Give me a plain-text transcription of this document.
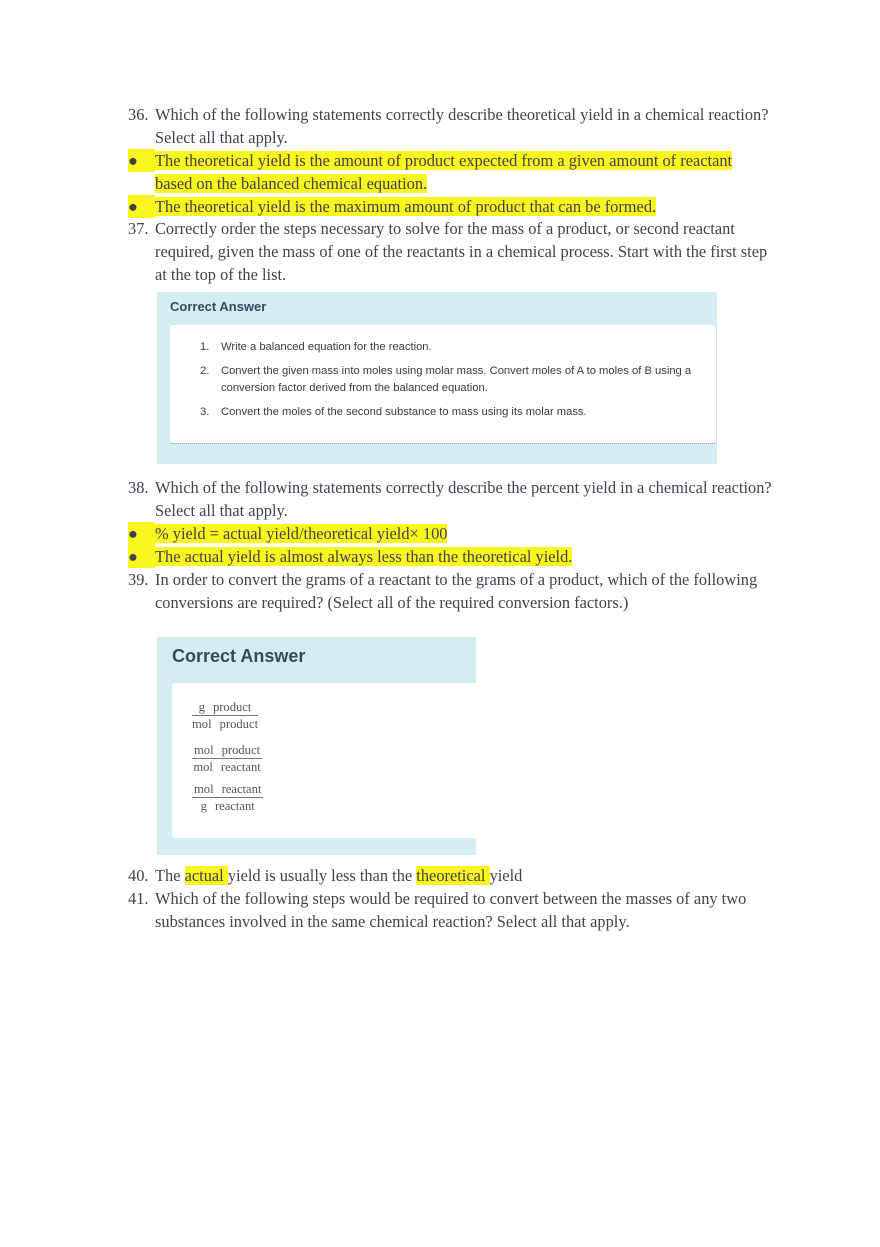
36. Which of the following statements correctly describe theoretical yield in a chemical reaction? Select all that apply.
●	The theoretical yield is the amount of product expected from a given amount of reactant
based on the balanced chemical equation.
●	The theoretical yield is the maximum amount of product that can be formed.
37. Correctly order the steps necessary to solve for the mass of a product, or second reactant required, given the mass of one of the reactants in a chemical process. Start with the first step at the top of the list.
Correct Answer
1. Write a balanced equation for the reaction.
2. Convert the given mass into moles using molar mass. Convert moles of A to moles of B using a conversion factor derived from the balanced equation.
3. Convert the moles of the second substance to mass using its molar mass.
38. Which of the following statements correctly describe the percent yield in a chemical reaction? Select all that apply.
●	% yield = actual yield/theoretical yield× 100
●	The actual yield is almost always less than the theoretical yield.
39. In order to convert the grams of a reactant to the grams of a product, which of the following conversions are required? (Select all of the required conversion factors.)
Correct Answer
g product
mol product
mol product
mol reactant
mol reactant
g reactant
40. The actual yield is usually less than the theoretical yield
41. Which of the following steps would be required to convert between the masses of any two substances involved in the same chemical reaction? Select all that apply.
